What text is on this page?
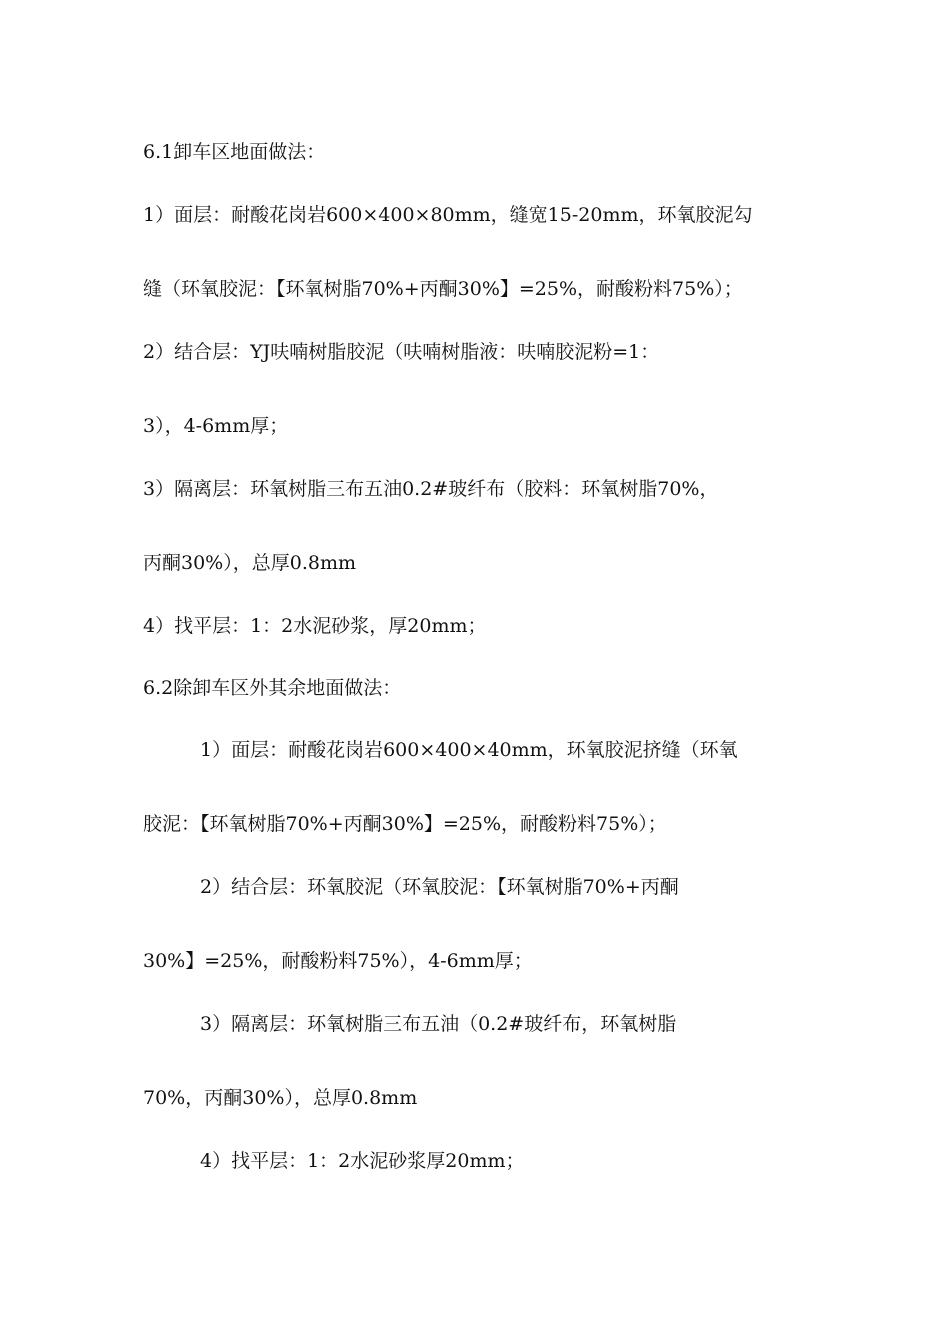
6.1卸车区地面做法：
1）面层：耐酸花岗岩600×400×80mm，缝宽15-20mm，环氧胶泥勾
缝（环氧胶泥：【环氧树脂70%+丙酮30%】=25%，耐酸粉料75%）；
2）结合层：YJ呋喃树脂胶泥（呋喃树脂液：呋喃胶泥粉=1：
3），4-6mm厚；
3）隔离层：环氧树脂三布五油0.2#玻纤布（胶料：环氧树脂70%，
丙酮30%），总厚0.8mm
4）找平层：1：2水泥砂浆，厚20mm；
6.2除卸车区外其余地面做法：
1）面层：耐酸花岗岩600×400×40mm，环氧胶泥挤缝（环氧
胶泥：【环氧树脂70%+丙酮30%】=25%，耐酸粉料75%）；
2）结合层：环氧胶泥（环氧胶泥：【环氧树脂70%+丙酮
30%】=25%，耐酸粉料75%），4-6mm厚；
3）隔离层：环氧树脂三布五油（0.2#玻纤布，环氧树脂
70%，丙酮30%），总厚0.8mm
4）找平层：1：2水泥砂浆厚20mm；
